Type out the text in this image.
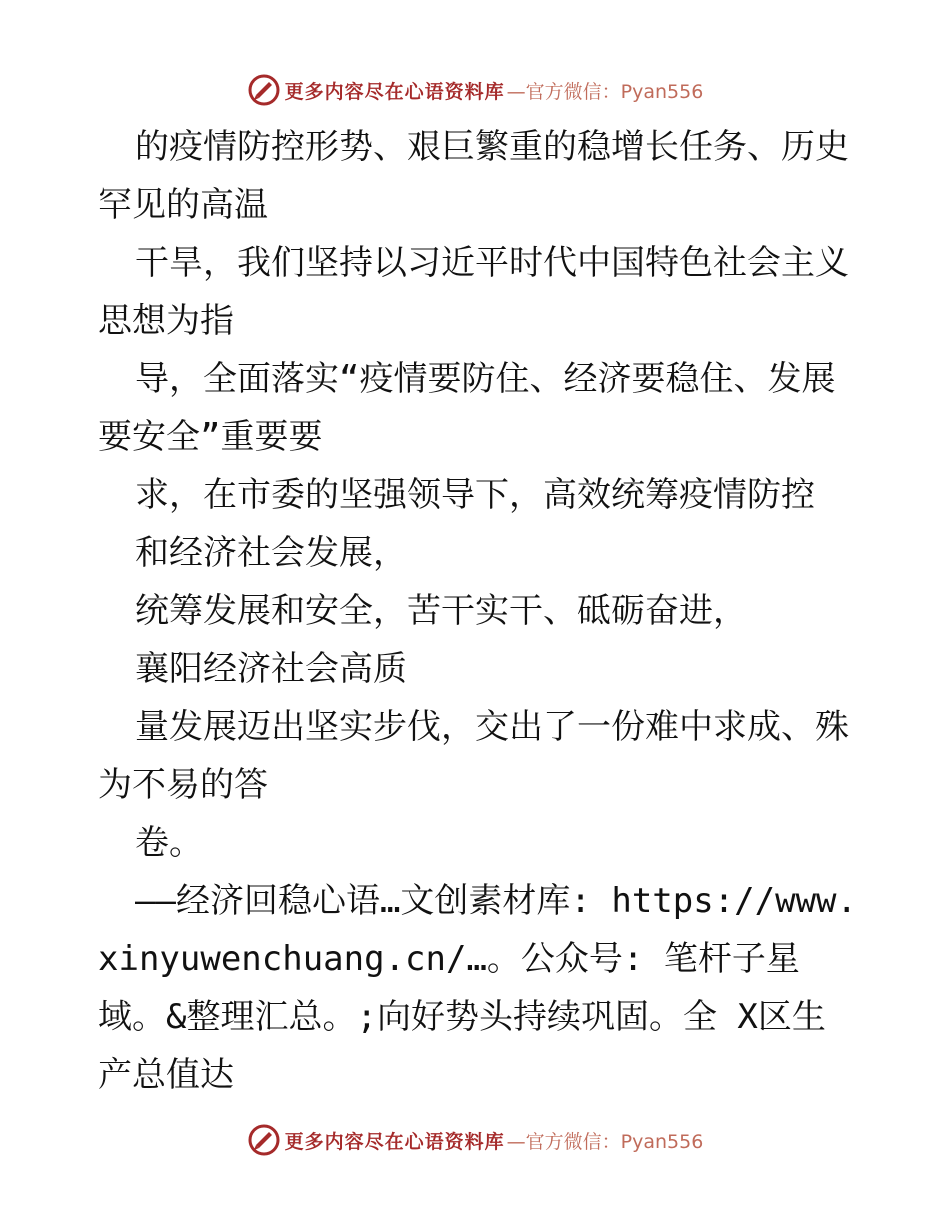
更多内容尽在心语资料库 —官方微信：Pyan556

的疫情防控形势、艰巨繁重的稳增长任务、历史罕见的高温

干旱，我们坚持以习近平时代中国特色社会主义思想为指

导，全面落实“疫情要防住、经济要稳住、发展要安全”重要要

求，在市委的坚强领导下，高效统筹疫情防控

和经济社会发展，

统筹发展和安全，苦干实干、砥砺奋进，

襄阳经济社会高质

量发展迈出坚实步伐，交出了一份难中求成、殊为不易的答

卷。

——经济回稳心语…文创素材库: https://www.xinyuwenchuang.cn/…。公众号: 笔杆子星域。&整理汇总。;向好势头持续巩固。全 X区生产总值达

更多内容尽在心语资料库 —官方微信：Pyan556
